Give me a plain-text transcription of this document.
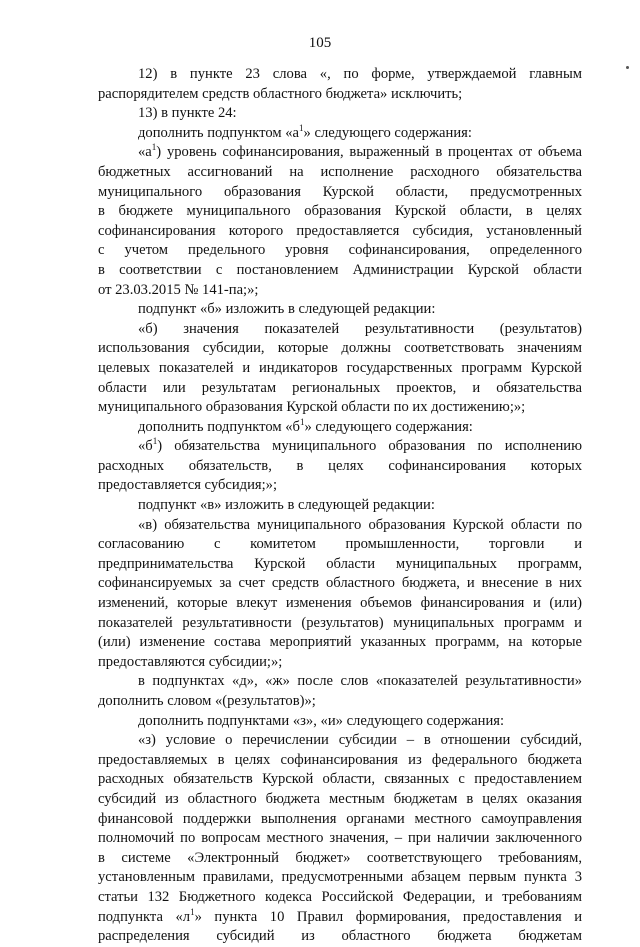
105
12) в пункте 23 слова «, по форме, утверждаемой главным
распорядителем средств областного бюджета» исключить;
13) в пункте 24:
дополнить подпунктом «$а^1$» следующего содержания:
«$а^1$) уровень софинансирования, выраженный в процентах от объема
бюджетных ассигнований на исполнение расходного обязательства
муниципального образования Курской области, предусмотренных
в бюджете муниципального образования Курской области, в целях
софинансирования которого предоставляется субсидия, установленный
с учетом предельного уровня софинансирования, определенного
в соответствии с постановлением Администрации Курской области
от 23.03.2015 № 141-па;»;
подпункт «б» изложить в следующей редакции:
«б) значения показателей результативности (результатов)
использования субсидии, которые должны соответствовать значениям
целевых показателей и индикаторов государственных программ Курской
области или результатам региональных проектов, и обязательства
муниципального образования Курской области по их достижению;»;
дополнить подпунктом «$б^1$» следующего содержания:
«$б^1$) обязательства муниципального образования по исполнению
расходных обязательств, в целях софинансирования которых
предоставляется субсидия;»;
подпункт «в» изложить в следующей редакции:
«в) обязательства муниципального образования Курской области по
согласованию с комитетом промышленности, торговли и
предпринимательства Курской области муниципальных программ,
софинансируемых за счет средств областного бюджета, и внесение в них
изменений, которые влекут изменения объемов финансирования и (или)
показателей результативности (результатов) муниципальных программ и
(или) изменение состава мероприятий указанных программ, на которые
предоставляются субсидии;»;
в подпунктах «д», «ж» после слов «показателей результативности»
дополнить словом «(результатов)»;
дополнить подпунктами «з», «и» следующего содержания:
«з) условие о перечислении субсидии – в отношении субсидий,
предоставляемых в целях софинансирования из федерального бюджета
расходных обязательств Курской области, связанных с предоставлением
субсидий из областного бюджета местным бюджетам в целях оказания
финансовой поддержки выполнения органами местного самоуправления
полномочий по вопросам местного значения, – при наличии заключенного
в системе «Электронный бюджет» соответствующего требованиям,
установленным правилами, предусмотренными абзацем первым пункта 3
статьи 132 Бюджетного кодекса Российской Федерации, и требованиям
подпункта «$л^1$» пункта 10 Правил формирования, предоставления и
распределения субсидий из областного бюджета бюджетам
